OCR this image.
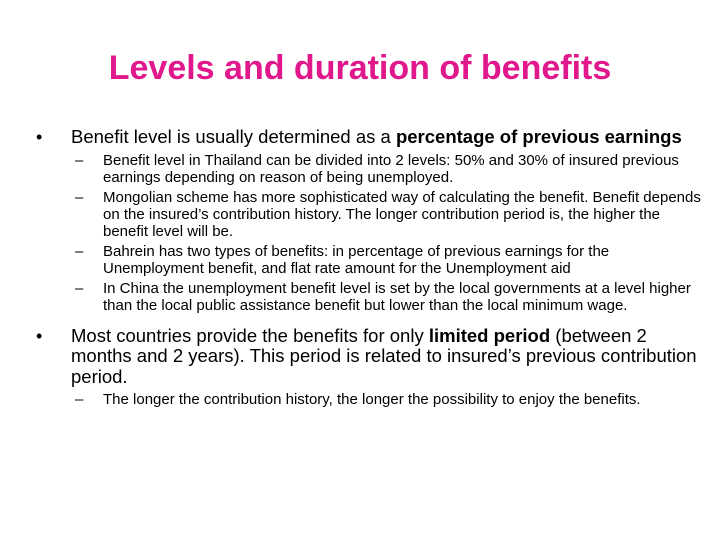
Levels and duration of benefits
•	Benefit level is usually determined as a percentage of previous earnings
– Benefit level in Thailand can be divided into 2 levels: 50% and 30% of insured previous earnings depending on reason of being unemployed.
– Mongolian scheme has more sophisticated way of calculating the benefit. Benefit depends on the insured’s contribution history. The longer contribution period is, the higher the benefit level will be.
– Bahrein has two types of benefits: in percentage of previous earnings for the Unemployment benefit, and flat rate amount for the Unemployment aid
– In China the unemployment benefit level is set by the local governments at a level higher than the local public assistance benefit but lower than the local minimum wage.
•	Most countries provide the benefits for only limited period (between 2 months and 2 years). This period is related to insured’s previous contribution period.
– The longer the contribution history, the longer the possibility to enjoy the benefits.
